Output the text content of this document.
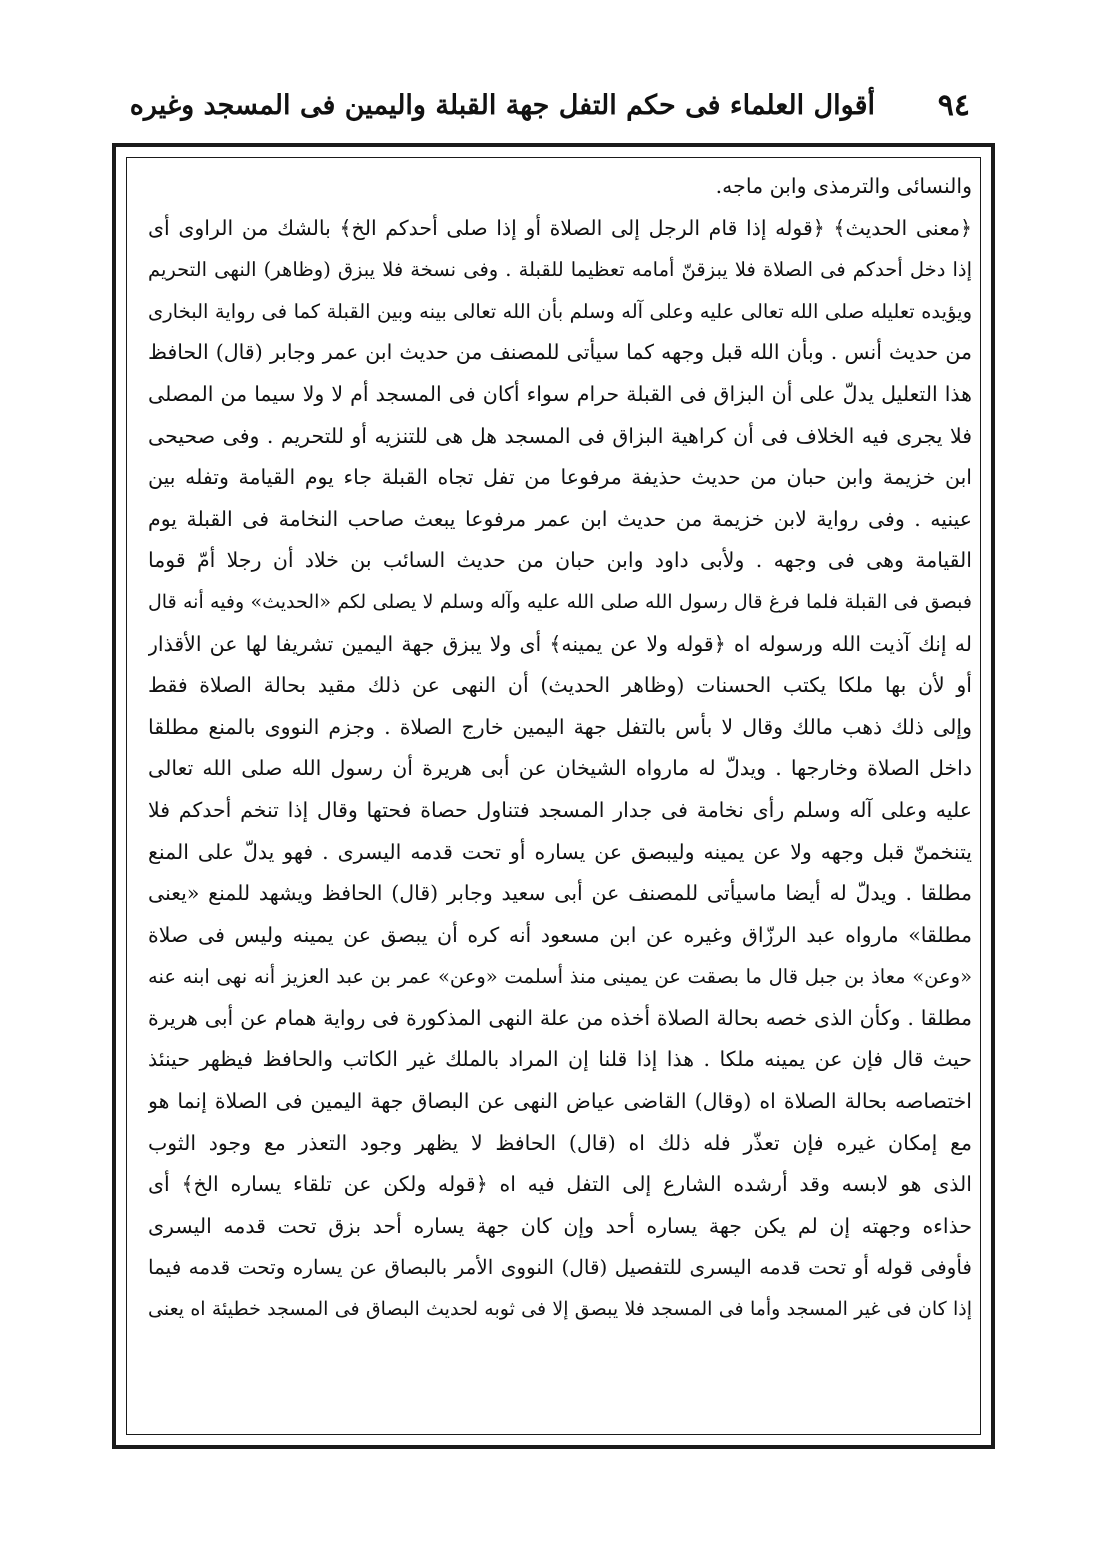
٩٤
أقوال العلماء فى حكم التفل جهة القبلة واليمين فى المسجد وغيره
والنسائى والترمذى وابن ماجه.
﴿معنى الحديث﴾ ﴿قوله إذا قام الرجل إلى الصلاة أو إذا صلى أحدكم الخ﴾ بالشك من الراوى أى
إذا دخل أحدكم فى الصلاة فلا يبزقنّ أمامه تعظيما للقبلة . وفى نسخة فلا يبزق (وظاهر) النهى التحريم
ويؤيده تعليله صلى الله تعالى عليه وعلى آله وسلم بأن الله تعالى بينه وبين القبلة كما فى رواية البخارى
من حديث أنس . وبأن الله قبل وجهه كما سيأتى للمصنف من حديث ابن عمر وجابر (قال) الحافظ
هذا التعليل يدلّ على أن البزاق فى القبلة حرام سواء أكان فى المسجد أم لا ولا سيما من المصلى
فلا يجرى فيه الخلاف فى أن كراهية البزاق فى المسجد هل هى للتنزيه أو للتحريم . وفى صحيحى
ابن خزيمة وابن حبان من حديث حذيفة مرفوعا من تفل تجاه القبلة جاء يوم القيامة وتفله بين
عينيه . وفى رواية لابن خزيمة من حديث ابن عمر مرفوعا يبعث صاحب النخامة فى القبلة يوم
القيامة وهى فى وجهه . ولأبى داود وابن حبان من حديث السائب بن خلاد أن رجلا أمّ قوما
فبصق فى القبلة فلما فرغ قال رسول الله صلى الله عليه وآله وسلم لا يصلى لكم «الحديث» وفيه أنه قال
له إنك آذيت الله ورسوله اه ﴿قوله ولا عن يمينه﴾ أى ولا يبزق جهة اليمين تشريفا لها عن الأقذار
أو لأن بها ملكا يكتب الحسنات (وظاهر الحديث) أن النهى عن ذلك مقيد بحالة الصلاة فقط
وإلى ذلك ذهب مالك وقال لا بأس بالتفل جهة اليمين خارج الصلاة . وجزم النووى بالمنع مطلقا
داخل الصلاة وخارجها . ويدلّ له مارواه الشيخان عن أبى هريرة أن رسول الله صلى الله تعالى
عليه وعلى آله وسلم رأى نخامة فى جدار المسجد فتناول حصاة فحتها وقال إذا تنخم أحدكم فلا
يتنخمنّ قبل وجهه ولا عن يمينه وليبصق عن يساره أو تحت قدمه اليسرى . فهو يدلّ على المنع
مطلقا . ويدلّ له أيضا ماسيأتى للمصنف عن أبى سعيد وجابر (قال) الحافظ ويشهد للمنع «يعنى
مطلقا» مارواه عبد الرزّاق وغيره عن ابن مسعود أنه كره أن يبصق عن يمينه وليس فى صلاة
«وعن» معاذ بن جبل قال ما بصقت عن يمينى منذ أسلمت «وعن» عمر بن عبد العزيز أنه نهى ابنه عنه
مطلقا . وكأن الذى خصه بحالة الصلاة أخذه من علة النهى المذكورة فى رواية همام عن أبى هريرة
حيث قال فإن عن يمينه ملكا . هذا إذا قلنا إن المراد بالملك غير الكاتب والحافظ فيظهر حينئذ
اختصاصه بحالة الصلاة اه (وقال) القاضى عياض النهى عن البصاق جهة اليمين فى الصلاة إنما هو
مع إمكان غيره فإن تعذّر فله ذلك اه (قال) الحافظ لا يظهر وجود التعذر مع وجود الثوب
الذى هو لابسه وقد أرشده الشارع إلى التفل فيه اه ﴿قوله ولكن عن تلقاء يساره الخ﴾ أى
حذاءه وجهته إن لم يكن جهة يساره أحد وإن كان جهة يساره أحد بزق تحت قدمه اليسرى
فأوفى قوله أو تحت قدمه اليسرى للتفصيل (قال) النووى الأمر بالبصاق عن يساره وتحت قدمه فيما
إذا كان فى غير المسجد وأما فى المسجد فلا يبصق إلا فى ثوبه لحديث البصاق فى المسجد خطيئة اه يعنى
